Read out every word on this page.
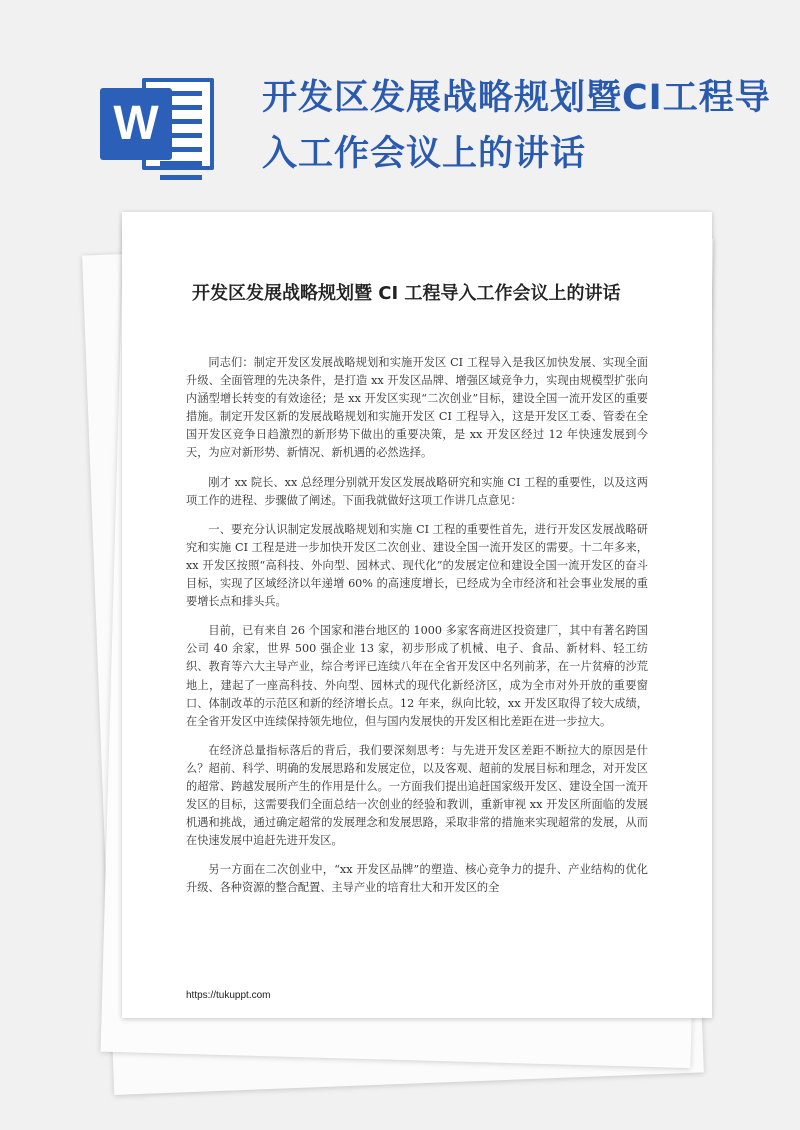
W	开发区发展战略规划暨CI工程导入工作会议上的讲话
开发区发展战略规划暨 CI 工程导入工作会议上的讲话

同志们：制定开发区发展战略规划和实施开发区 CI 工程导入是我区加快发展、实现全面升级、全面管理的先决条件，是打造 xx 开发区品牌、增强区域竞争力，实现由规模型扩张向内涵型增长转变的有效途径；是 xx 开发区实现“二次创业”目标，建设全国一流开发区的重要措施。制定开发区新的发展战略规划和实施开发区 CI 工程导入，这是开发区工委、管委在全国开发区竞争日趋激烈的新形势下做出的重要决策，是 xx 开发区经过 12 年快速发展到今天，为应对新形势、新情况、新机遇的必然选择。

刚才 xx 院长、xx 总经理分别就开发区发展战略研究和实施 CI 工程的重要性，以及这两项工作的进程、步骤做了阐述。下面我就做好这项工作讲几点意见：

一、要充分认识制定发展战略规划和实施 CI 工程的重要性首先，进行开发区发展战略研究和实施 CI 工程是进一步加快开发区二次创业、建设全国一流开发区的需要。十二年多来，xx 开发区按照“高科技、外向型、园林式、现代化”的发展定位和建设全国一流开发区的奋斗目标，实现了区域经济以年递增 60% 的高速度增长，已经成为全市经济和社会事业发展的重要增长点和排头兵。

目前，已有来自 26 个国家和港台地区的 1000 多家客商进区投资建厂，其中有著名跨国公司 40 余家，世界 500 强企业 13 家，初步形成了机械、电子、食品、新材料、轻工纺织、教育等六大主导产业，综合考评已连续八年在全省开发区中名列前茅，在一片贫瘠的沙荒地上，建起了一座高科技、外向型、园林式的现代化新经济区，成为全市对外开放的重要窗口、体制改革的示范区和新的经济增长点。12 年来，纵向比较，xx 开发区取得了较大成绩，在全省开发区中连续保持领先地位，但与国内发展快的开发区相比差距在进一步拉大。

在经济总量指标落后的背后，我们要深刻思考：与先进开发区差距不断拉大的原因是什么？超前、科学、明确的发展思路和发展定位，以及客观、超前的发展目标和理念，对开发区的超常、跨越发展所产生的作用是什么。一方面我们提出追赶国家级开发区、建设全国一流开发区的目标，这需要我们全面总结一次创业的经验和教训，重新审视 xx 开发区所面临的发展机遇和挑战，通过确定超常的发展理念和发展思路，采取非常的措施来实现超常的发展，从而在快速发展中追赶先进开发区。

另一方面在二次创业中，“xx 开发区品牌”的塑造、核心竞争力的提升、产业结构的优化升级、各种资源的整合配置、主导产业的培育壮大和开发区的全

https://tukuppt.com
